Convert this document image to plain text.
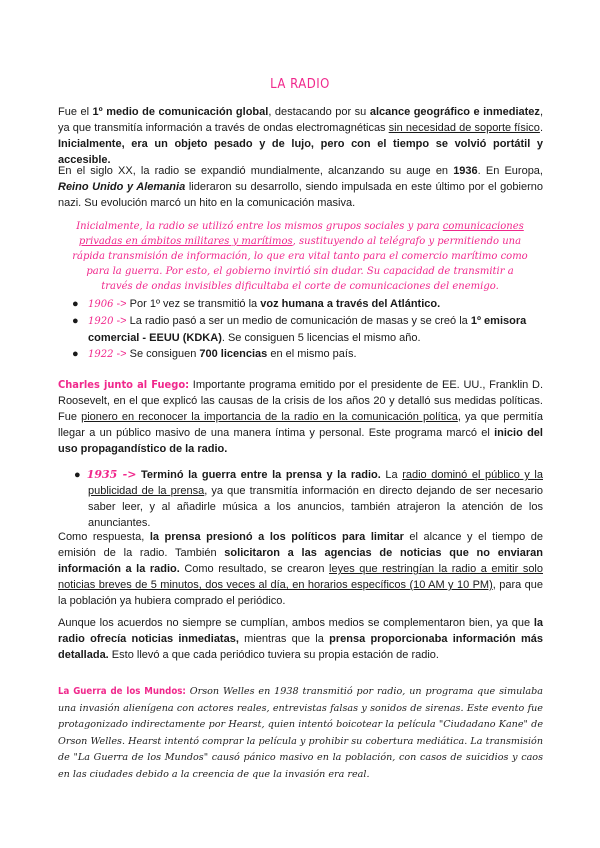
LA RADIO

Fue el 1º medio de comunicación global, destacando por su alcance geográfico e inmediatez, ya que transmitía información a través de ondas electromagnéticas sin necesidad de soporte físico. Inicialmente, era un objeto pesado y de lujo, pero con el tiempo se volvió portátil y accesible.

En el siglo XX, la radio se expandió mundialmente, alcanzando su auge en 1936. En Europa, Reino Unido y Alemania lideraron su desarrollo, siendo impulsada en este último por el gobierno nazi. Su evolución marcó un hito en la comunicación masiva.

Inicialmente, la radio se utilizó entre los mismos grupos sociales y para comunicaciones privadas en ámbitos militares y marítimos, sustituyendo al telégrafo y permitiendo una rápida transmisión de información, lo que era vital tanto para el comercio marítimo como para la guerra. Por esto, el gobierno invirtió sin dudar. Su capacidad de transmitir a través de ondas invisibles dificultaba el corte de comunicaciones del enemigo.

● 1906 -> Por 1º vez se transmitió la voz humana a través del Atlántico.
● 1920 -> La radio pasó a ser un medio de comunicación de masas y se creó la 1º emisora comercial - EEUU (KDKA). Se consiguen 5 licencias el mismo año.
● 1922 -> Se consiguen 700 licencias en el mismo país.

Charles junto al Fuego: Importante programa emitido por el presidente de EE. UU., Franklin D. Roosevelt, en el que explicó las causas de la crisis de los años 20 y detalló sus medidas políticas. Fue pionero en reconocer la importancia de la radio en la comunicación política, ya que permitía llegar a un público masivo de una manera íntima y personal. Este programa marcó el inicio del uso propagandístico de la radio.

● 1935 -> Terminó la guerra entre la prensa y la radio. La radio dominó el público y la publicidad de la prensa, ya que transmitía información en directo dejando de ser necesario saber leer, y al añadirle música a los anuncios, también atrajeron la atención de los anunciantes.

Como respuesta, la prensa presionó a los políticos para limitar el alcance y el tiempo de emisión de la radio. También solicitaron a las agencias de noticias que no enviaran información a la radio. Como resultado, se crearon leyes que restringían la radio a emitir solo noticias breves de 5 minutos, dos veces al día, en horarios específicos (10 AM y 10 PM), para que la población ya hubiera comprado el periódico.

Aunque los acuerdos no siempre se cumplían, ambos medios se complementaron bien, ya que la radio ofrecía noticias inmediatas, mientras que la prensa proporcionaba información más detallada. Esto llevó a que cada periódico tuviera su propia estación de radio.

La Guerra de los Mundos: Orson Welles en 1938 transmitió por radio, un programa que simulaba una invasión alienígena con actores reales, entrevistas falsas y sonidos de sirenas. Este evento fue protagonizado indirectamente por Hearst, quien intentó boicotear la película "Ciudadano Kane" de Orson Welles. Hearst intentó comprar la película y prohibir su cobertura mediática. La transmisión de "La Guerra de los Mundos" causó pánico masivo en la población, con casos de suicidios y caos en las ciudades debido a la creencia de que la invasión era real.
